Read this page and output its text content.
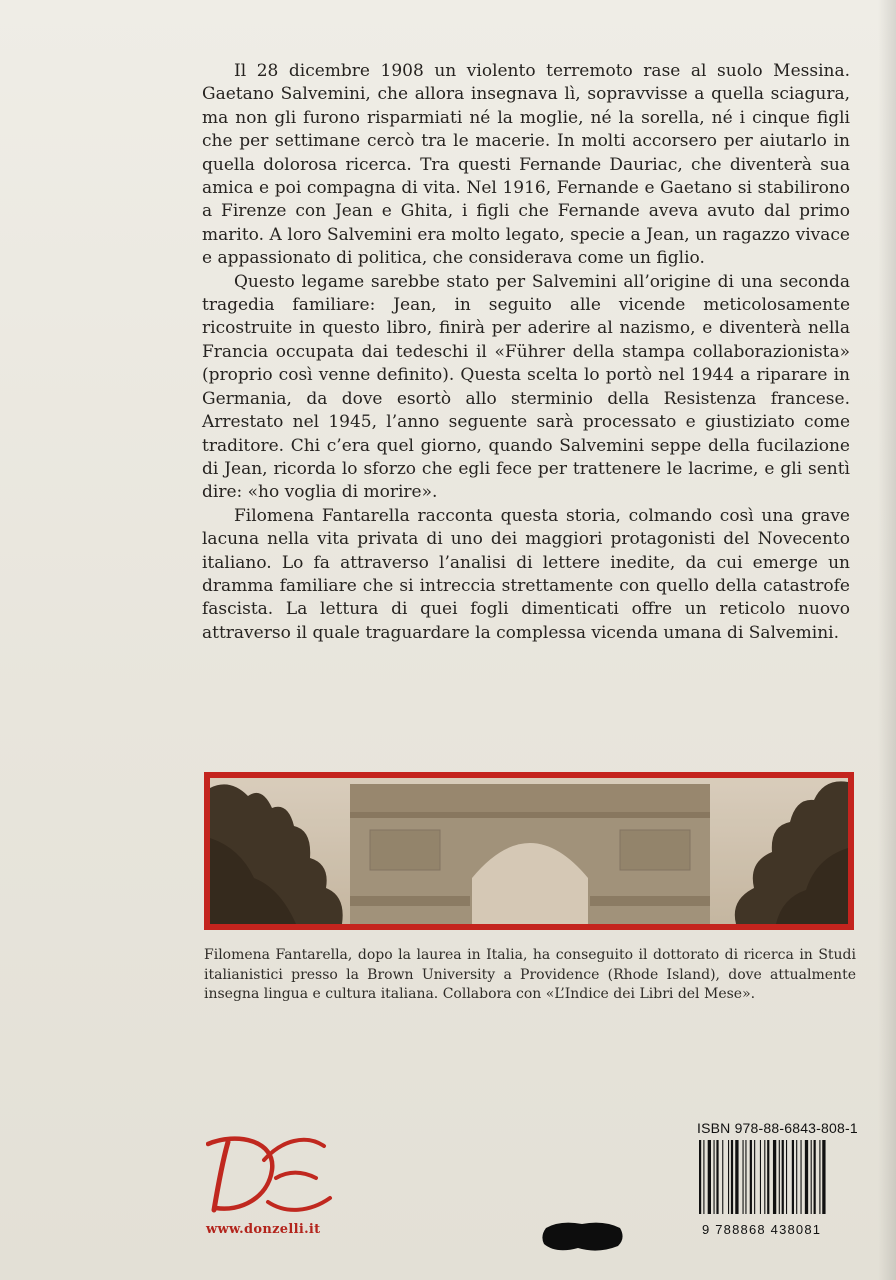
Il 28 dicembre 1908 un violento terremoto rase al suolo Messina. Gaetano Salvemini, che allora insegnava lì, sopravvisse a quella sciagura, ma non gli furono risparmiati né la moglie, né la sorella, né i cinque figli che per settimane cercò tra le macerie. In molti accorsero per aiutarlo in quella dolorosa ricerca. Tra questi Fernande Dauriac, che diventerà sua amica e poi compagna di vita. Nel 1916, Fernande e Gaetano si stabilirono a Firenze con Jean e Ghita, i figli che Fernande aveva avuto dal primo marito. A loro Salvemini era molto legato, specie a Jean, un ragazzo vivace e appassionato di politica, che considerava come un figlio.

Questo legame sarebbe stato per Salvemini all’origine di una seconda tragedia familiare: Jean, in seguito alle vicende meticolosamente ricostruite in questo libro, finirà per aderire al nazismo, e diventerà nella Francia occupata dai tedeschi il «Führer della stampa collaborazionista» (proprio così venne definito). Questa scelta lo portò nel 1944 a riparare in Germania, da dove esortò allo sterminio della Resistenza francese. Arrestato nel 1945, l’anno seguente sarà processato e giustiziato come traditore. Chi c’era quel giorno, quando Salvemini seppe della fucilazione di Jean, ricorda lo sforzo che egli fece per trattenere le lacrime, e gli sentì dire: «ho voglia di morire».

Filomena Fantarella racconta questa storia, colmando così una grave lacuna nella vita privata di uno dei maggiori protagonisti del Novecento italiano. Lo fa attraverso l’analisi di lettere inedite, da cui emerge un dramma familiare che si intreccia strettamente con quello della catastrofe fascista. La lettura di quei fogli dimenticati offre un reticolo nuovo attraverso il quale traguardare la complessa vicenda umana di Salvemini.

Filomena Fantarella, dopo la laurea in Italia, ha conseguito il dottorato di ricerca in Studi italianistici presso la Brown University a Providence (Rhode Island), dove attualmente insegna lingua e cultura italiana. Collabora con «L’Indice dei Libri del Mese».

www.donzelli.it
ISBN 978-88-6843-808-1
9 788868 438081
